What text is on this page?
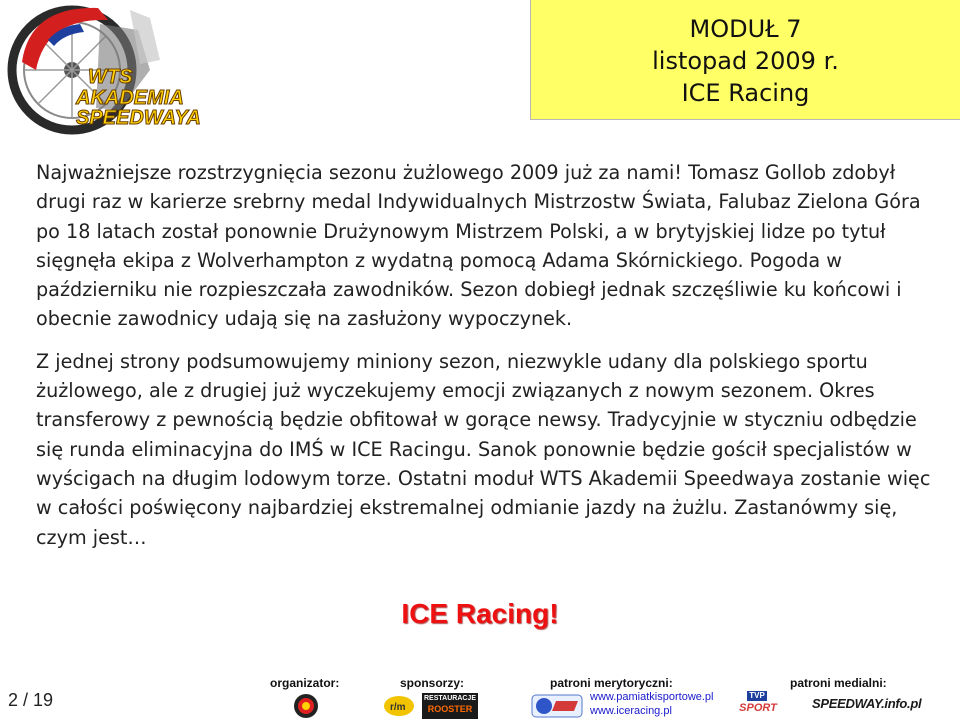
WTS
AKADEMIA
SPEEDWAYA
MODUŁ 7
listopad 2009 r.
ICE Racing

Najważniejsze rozstrzygnięcia sezonu żużlowego 2009 już za nami! Tomasz Gollob zdobył drugi raz w karierze srebrny medal Indywidualnych Mistrzostw Świata, Falubaz Zielona Góra po 18 latach został ponownie Drużynowym Mistrzem Polski, a w brytyjskiej lidze po tytuł sięgnęła ekipa z Wolverhampton z wydatną pomocą Adama Skórnickiego. Pogoda w październiku nie rozpieszczała zawodników. Sezon dobiegł jednak szczęśliwie ku końcowi i obecnie zawodnicy udają się na zasłużony wypoczynek.

Z jednej strony podsumowujemy miniony sezon, niezwykle udany dla polskiego sportu żużlowego, ale z drugiej już wyczekujemy emocji związanych z nowym sezonem. Okres transferowy z pewnością będzie obfitował w gorące newsy. Tradycyjnie w styczniu odbędzie się runda eliminacyjna do IMŚ w ICE Racingu. Sanok ponownie będzie gościł specjalistów w wyścigach na długim lodowym torze. Ostatni moduł WTS Akademii Speedwaya zostanie więc w całości poświęcony najbardziej ekstremalnej odmianie jazdy na żużlu. Zastanówmy się, czym jest…

ICE Racing!
2 / 19
organizator:	sponsorzy:	patroni merytoryczni:	patroni medialni:
r/m
RESTAURACJE
ROOSTER
www.pamiatkisportowe.pl
www.iceracing.pl
TVP
SPORT	SPEEDWAY.info.pl
